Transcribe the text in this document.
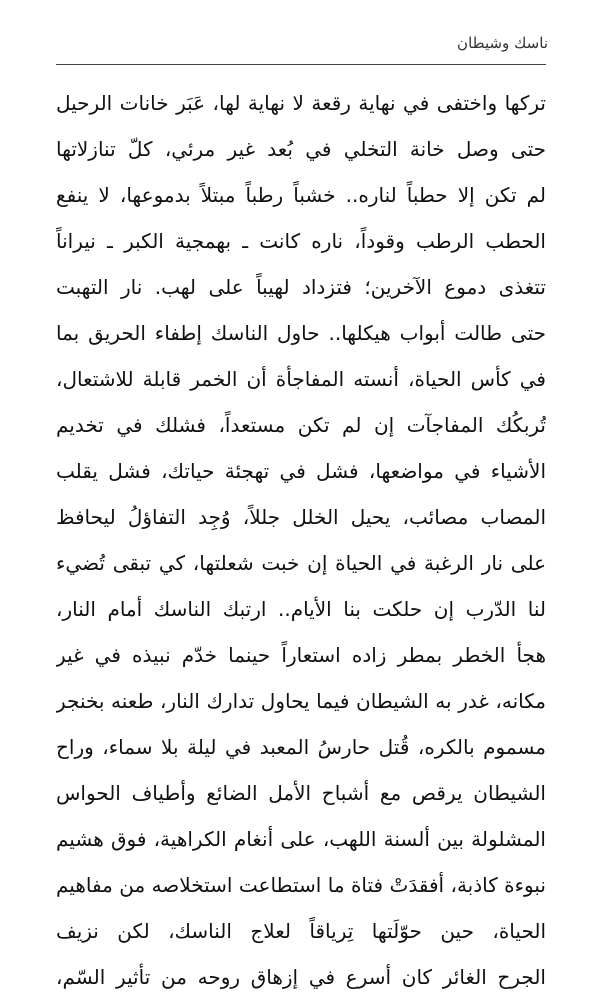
ناسك وشيطان
تركها واختفى في نهاية رقعة لا نهاية لها، عَبَر خانات الرحيل
حتى وصل خانة التخلي في بُعد غير مرئي، كلّ تنازلاتها
لم تكن إلا حطباً لناره.. خشباً رطباً مبتلاً بدموعها، لا ينفع
الحطب الرطب وقوداً، ناره كانت ـ بهمجية الكبر ـ نيراناً
تتغذى دموع الآخرين؛ فتزداد لهيباً على لهب. نار التهبت
حتى طالت أبواب هيكلها.. حاول الناسك إطفاء الحريق بما
في كأس الحياة، أنسته المفاجأة أن الخمر قابلة للاشتعال،
تُربكُك المفاجآت إن لم تكن مستعداً، فشلك في تخديم
الأشياء في مواضعها، فشل في تهجئة حياتك، فشل يقلب
المصاب مصائب، يحيل الخلل جللاً، وُجِد التفاؤلُ ليحافظ
على نار الرغبة في الحياة إن خبت شعلتها، كي تبقى تُضيء
لنا الدّرب إن حلكت بنا الأيام.. ارتبك الناسك أمام النار،
هجأ الخطر بمطر زاده استعاراً حينما خدّم نبيذه في غير
مكانه، غدر به الشيطان فيما يحاول تدارك النار، طعنه بخنجر
مسموم بالكره، قُتل حارسُ المعبد في ليلة بلا سماء، وراح
الشيطان يرقص مع أشباح الأمل الضائع وأطياف الحواس
المشلولة بين ألسنة اللهب، على أنغام الكراهية، فوق هشيم
نبوءة كاذبة، أفقدَتْ فتاة ما استطاعت استخلاصه من مفاهيم
الحياة، حين حوّلَتها تِرياقاً لعلاج الناسك، لكن نزيف
الجرح الغائر كان أسرع في إزهاق روحه من تأثير السّم،
